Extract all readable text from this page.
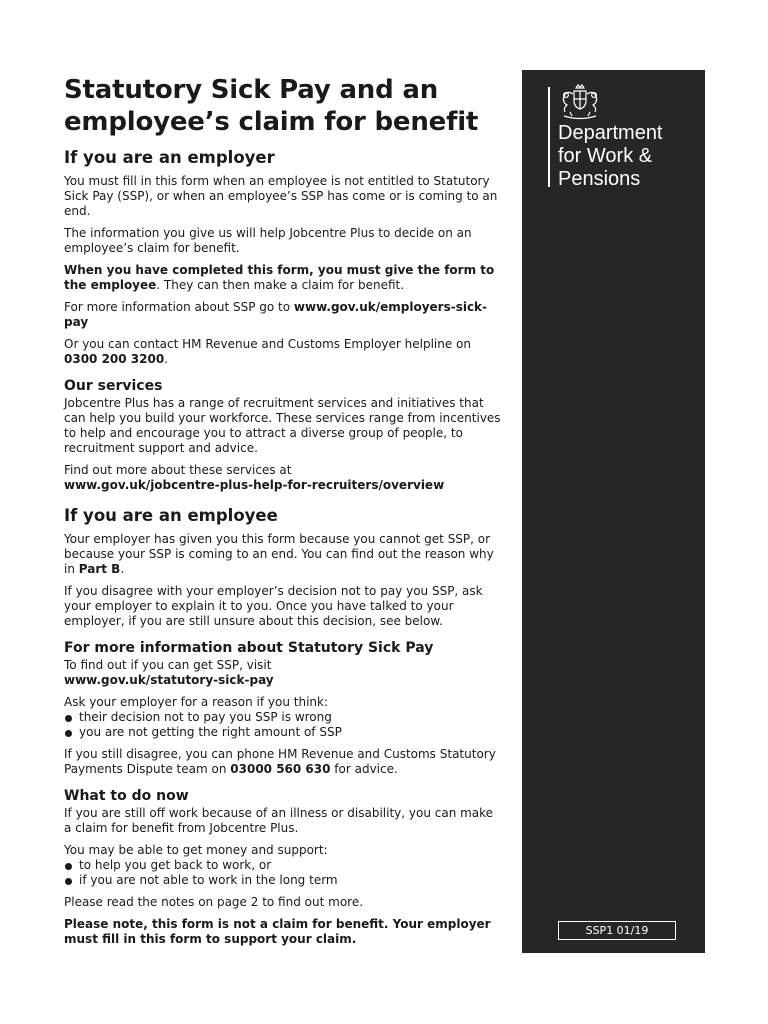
Statutory Sick Pay and an
employee’s claim for benefit
If you are an employer

You must fill in this form when an employee is not entitled to Statutory Sick Pay (SSP), or when an employee’s SSP has come or is coming to an end.

The information you give us will help Jobcentre Plus to decide on an employee’s claim for benefit.

When you have completed this form, you must give the form to the employee. They can then make a claim for benefit.

For more information about SSP go to www.gov.uk/employers-sick-pay

Or you can contact HM Revenue and Customs Employer helpline on
0300 200 3200.

Our services

Jobcentre Plus has a range of recruitment services and initiatives that can help you build your workforce. These services range from incentives to help and encourage you to attract a diverse group of people, to recruitment support and advice.

Find out more about these services at
www.gov.uk/jobcentre-plus-help-for-recruiters/overview

If you are an employee

Your employer has given you this form because you cannot get SSP, or because your SSP is coming to an end. You can find out the reason why in Part B.

If you disagree with your employer’s decision not to pay you SSP, ask your employer to explain it to you. Once you have talked to your employer, if you are still unsure about this decision, see below.

For more information about Statutory Sick Pay

To find out if you can get SSP, visit
www.gov.uk/statutory-sick-pay

Ask your employer for a reason if you think:

their decision not to pay you SSP is wrong

you are not getting the right amount of SSP

If you still disagree, you can phone HM Revenue and Customs Statutory Payments Dispute team on 03000 560 630 for advice.

What to do now

If you are still off work because of an illness or disability, you can make a claim for benefit from Jobcentre Plus.

You may be able to get money and support:

to help you get back to work, or

if you are not able to work in the long term

Please read the notes on page 2 to find out more.

Please note, this form is not a claim for benefit. Your employer must fill in this form to support your claim.

Department
for Work &
Pensions
SSP1 01/19
